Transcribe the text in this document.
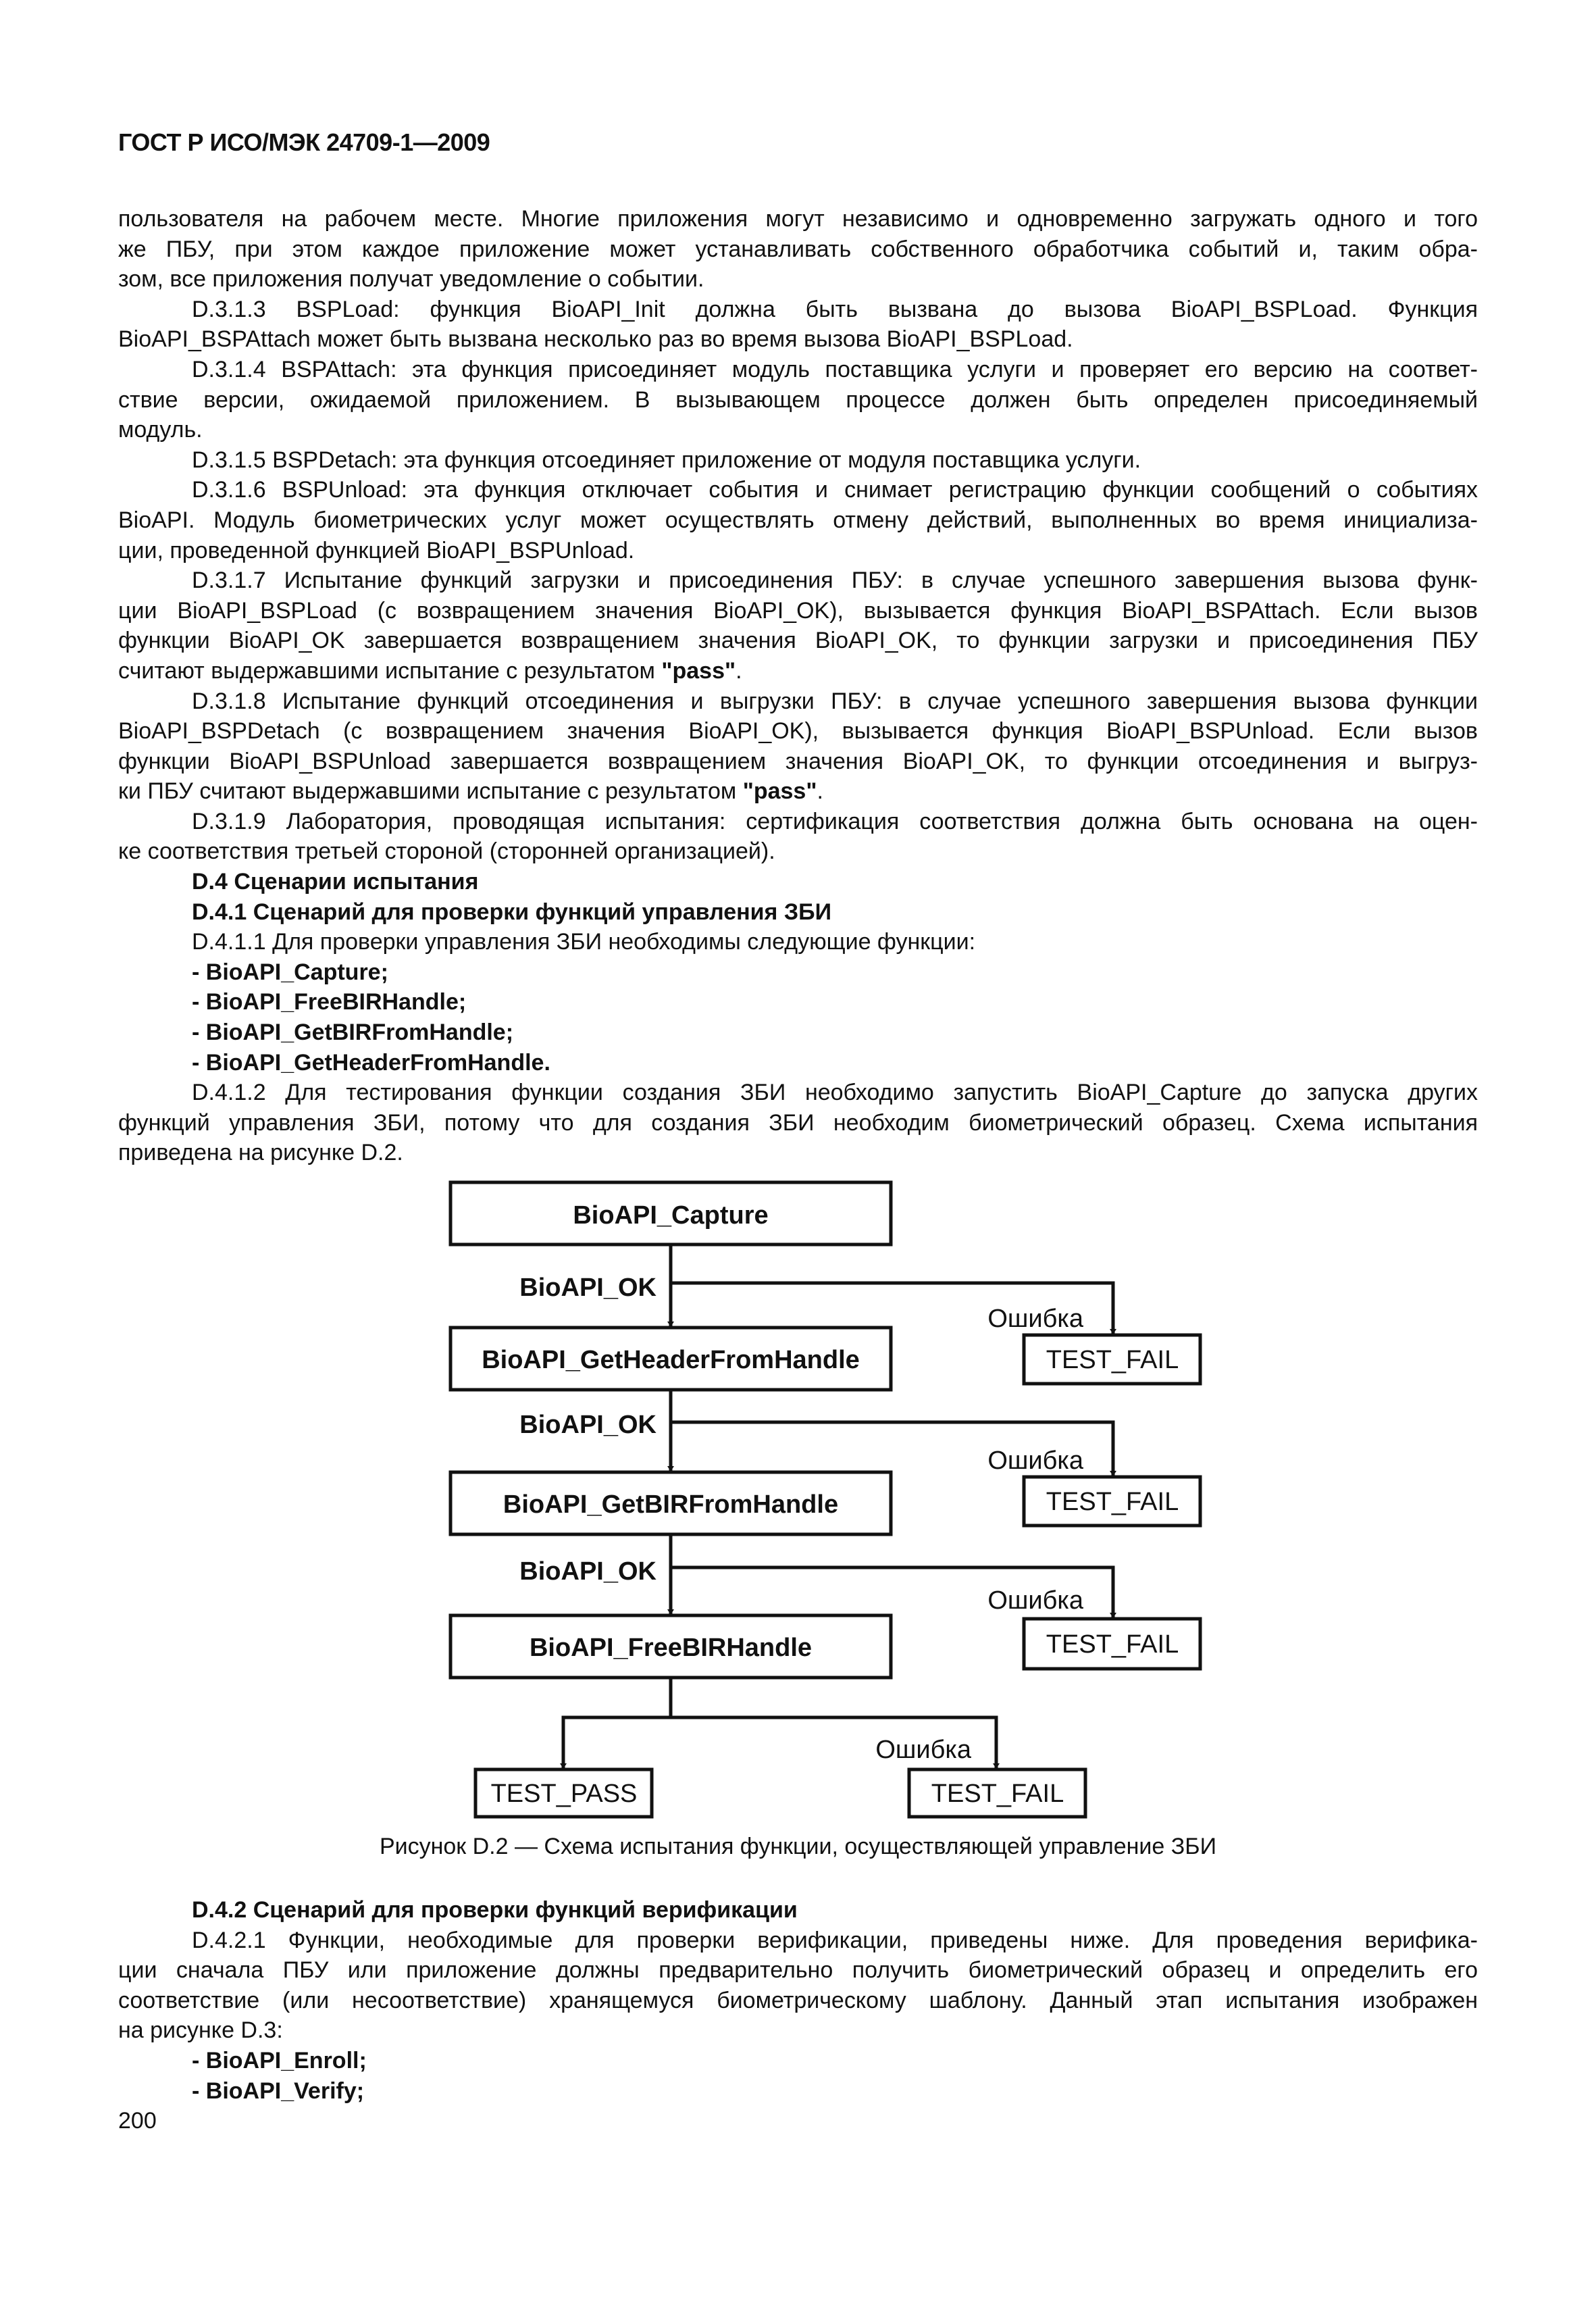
ГОСТ Р ИСО/МЭК 24709-1—2009
пользователя на рабочем месте. Многие приложения могут независимо и одновременно загружать одного и того
же ПБУ, при этом каждое приложение может устанавливать собственного обработчика событий и, таким обра-
зом, все приложения получат уведомление о событии.
D.3.1.3 BSPLoad: функция BioAPI_Init должна быть вызвана до вызова BioAPI_BSPLoad. Функция
BioAPI_BSPAttach может быть вызвана несколько раз во время вызова BioAPI_BSPLoad.
D.3.1.4 BSPAttach: эта функция присоединяет модуль поставщика услуги и проверяет его версию на соответ-
ствие версии, ожидаемой приложением. В вызывающем процессе должен быть определен присоединяемый
модуль.
D.3.1.5 BSPDetach: эта функция отсоединяет приложение от модуля поставщика услуги.
D.3.1.6 BSPUnload: эта функция отключает события и снимает регистрацию функции сообщений о событиях
BioAPI. Модуль биометрических услуг может осуществлять отмену действий, выполненных во время инициализа-
ции, проведенной функцией BioAPI_BSPUnload.
D.3.1.7 Испытание функций загрузки и присоединения ПБУ: в случае успешного завершения вызова функ-
ции BioAPI_BSPLoad (с возвращением значения BioAPI_OK), вызывается функция BioAPI_BSPAttach. Если вызов
функции BioAPI_OK завершается возвращением значения BioAPI_OK, то функции загрузки и присоединения ПБУ
считают выдержавшими испытание с результатом "pass".
D.3.1.8 Испытание функций отсоединения и выгрузки ПБУ: в случае успешного завершения вызова функции
BioAPI_BSPDetach (с возвращением значения BioAPI_OK), вызывается функция BioAPI_BSPUnload. Если вызов
функции BioAPI_BSPUnload завершается возвращением значения BioAPI_OK, то функции отсоединения и выгруз-
ки ПБУ считают выдержавшими испытание с результатом "pass".
D.3.1.9 Лаборатория, проводящая испытания: сертификация соответствия должна быть основана на оцен-
ке соответствия третьей стороной (сторонней организацией).
D.4 Сценарии испытания
D.4.1 Сценарий для проверки функций управления ЗБИ
D.4.1.1 Для проверки управления ЗБИ необходимы следующие функции:
- BioAPI_Capture;
- BioAPI_FreeBIRHandle;
- BioAPI_GetBIRFromHandle;
- BioAPI_GetHeaderFromHandle.
D.4.1.2 Для тестирования функции создания ЗБИ необходимо запустить BioAPI_Capture до запуска других
функций управления ЗБИ, потому что для создания ЗБИ необходим биометрический образец. Схема испытания
приведена на рисунке D.2.
BioAPI_Capture
BioAPI_GetHeaderFromHandle
BioAPI_GetBIRFromHandle
BioAPI_FreeBIRHandle
BioAPI_OK
BioAPI_OK
BioAPI_OK
Ошибка
Ошибка
Ошибка
Ошибка
TEST_FAIL
TEST_FAIL
TEST_FAIL
TEST_PASS	TEST_FAIL
Рисунок D.2 — Схема испытания функции, осуществляющей управление ЗБИ
D.4.2 Сценарий для проверки функций верификации
D.4.2.1 Функции, необходимые для проверки верификации, приведены ниже. Для проведения верифика-
ции сначала ПБУ или приложение должны предварительно получить биометрический образец и определить его
соответствие (или несоответствие) хранящемуся биометрическому шаблону. Данный этап испытания изображен
на рисунке D.3:
- BioAPI_Enroll;
- BioAPI_Verify;
200
